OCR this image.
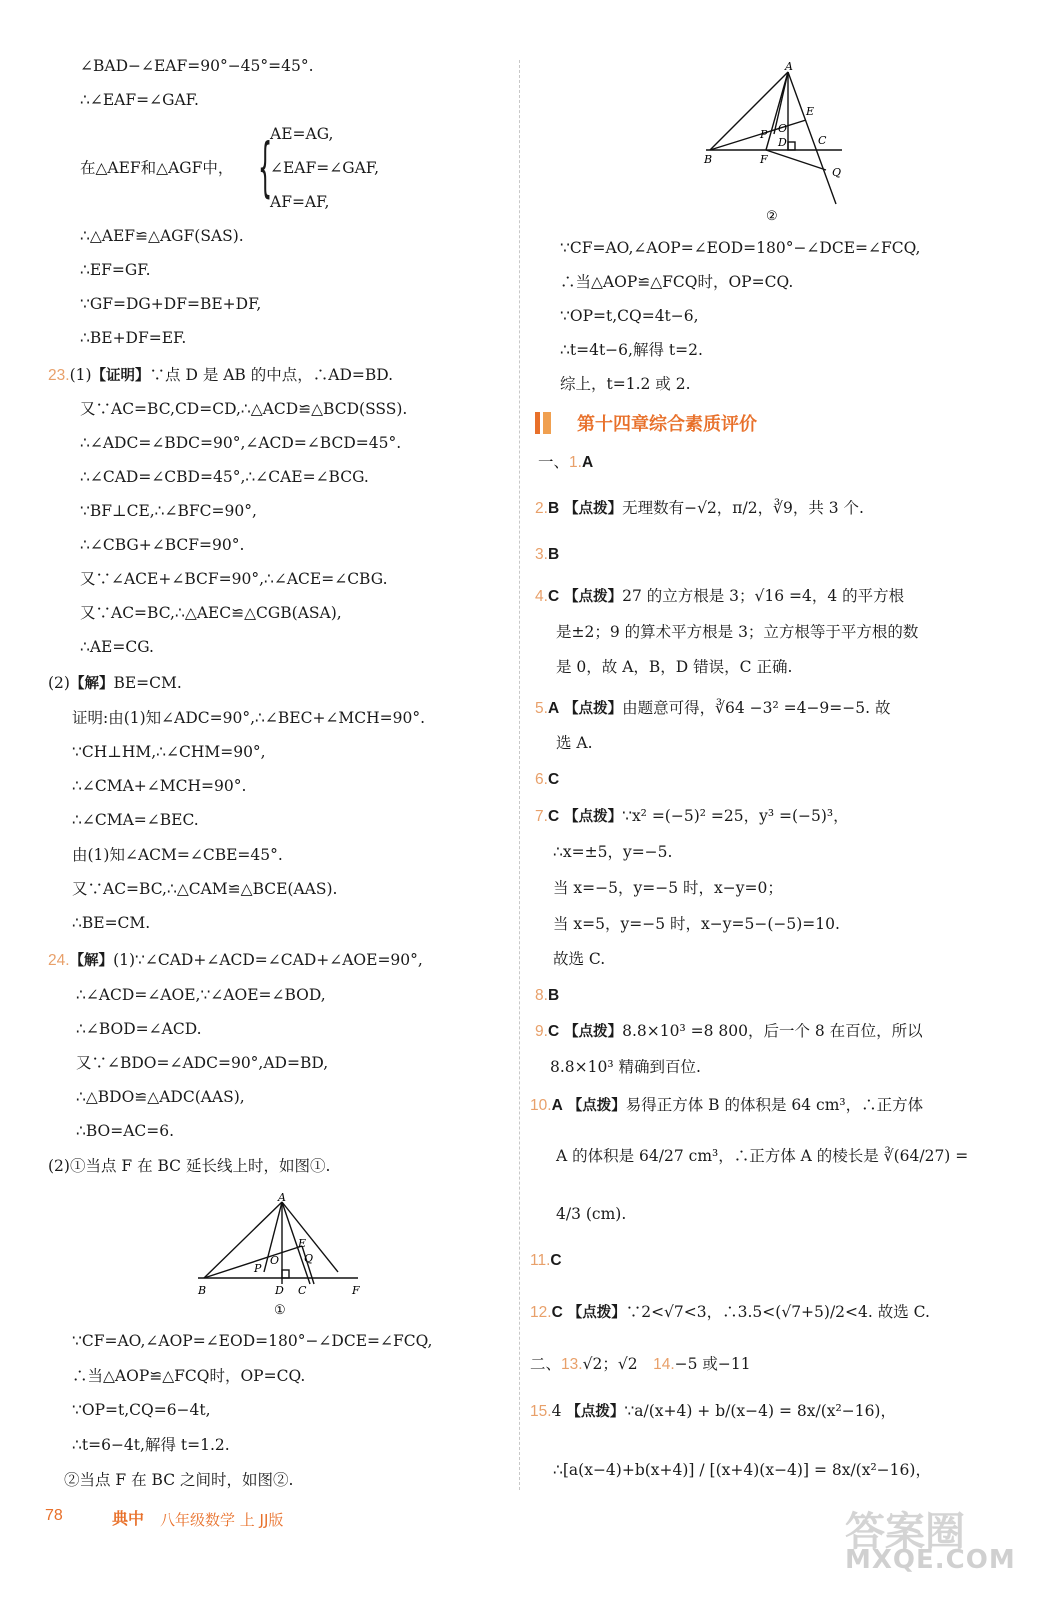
∠BAD−∠EAF=90°−45°=45°.
∴∠EAF=∠GAF.
在△AEF和△AGF中， {
AE=AG,
∠EAF=∠GAF,
AF=AF,
∴△AEF≌△AGF(SAS).
∴EF=GF.
∵GF=DG+DF=BE+DF,
∴BE+DF=EF.
23.(1)【证明】∵点 D 是 AB 的中点，∴AD=BD.
又∵AC=BC,CD=CD,∴△ACD≌△BCD(SSS).
∴∠ADC=∠BDC=90°,∠ACD=∠BCD=45°.
∴∠CAD=∠CBD=45°,∴∠CAE=∠BCG.
∵BF⊥CE,∴∠BFC=90°,
∴∠CBG+∠BCF=90°.
又∵∠ACE+∠BCF=90°,∴∠ACE=∠CBG.
又∵AC=BC,∴△AEC≌△CGB(ASA),
∴AE=CG.
(2)【解】BE=CM.
证明:由(1)知∠ADC=90°,∴∠BEC+∠MCH=90°.
∵CH⊥HM,∴∠CHM=90°,
∴∠CMA+∠MCH=90°.
∴∠CMA=∠BEC.
由(1)知∠ACM=∠CBE=45°.
又∵AC=BC,∴△CAM≌△BCE(AAS).
∴BE=CM.
24.【解】(1)∵∠CAD+∠ACD=∠CAD+∠AOE=90°,
∴∠ACD=∠AOE,∵∠AOE=∠BOD,
∴∠BOD=∠ACD.
又∵∠BDO=∠ADC=90°,AD=BD,
∴△BDO≌△ADC(AAS),
∴BO=AC=6.
(2)①当点 F 在 BC 延长线上时，如图①.
A
E
Q
O
P
B	D C	F
①
∵CF=AO,∠AOP=∠EOD=180°−∠DCE=∠FCQ,
∴当△AOP≌△FCQ时，OP=CQ.
∵OP=t,CQ=6−4t,
∴t=6−4t,解得 t=1.2.
②当点 F 在 BC 之间时，如图②.
A
E
P O
D	C
B	F
Q
②
∵CF=AO,∠AOP=∠EOD=180°−∠DCE=∠FCQ,
∴当△AOP≌△FCQ时，OP=CQ.
∵OP=t,CQ=4t−6,
∴t=4t−6,解得 t=2.
综上，t=1.2 或 2.
第十四章综合素质评价
一、1.A
2.B 【点拨】无理数有−√2，π/2，∛9，共 3 个.
3.B
4.C 【点拨】27 的立方根是 3；√16 =4，4 的平方根
是±2；9 的算术平方根是 3；立方根等于平方根的数
是 0，故 A，B，D 错误，C 正确.
5.A 【点拨】由题意可得，∛64 −3² =4−9=−5. 故
选 A.
6.C
7.C 【点拨】∵x² =(−5)² =25，y³ =(−5)³，
∴x=±5，y=−5.
当 x=−5，y=−5 时，x−y=0；
当 x=5，y=−5 时，x−y=5−(−5)=10.
故选 C.
8.B
9.C 【点拨】8.8×10³ =8 800，后一个 8 在百位，所以
8.8×10³ 精确到百位.
10.A 【点拨】易得正方体 B 的体积是 64 cm³，∴正方体
A 的体积是 64/27 cm³，∴正方体 A 的棱长是 ∛(64/27) =
4/3 (cm).
11.C
12.C 【点拨】∵2<√7<3，∴3.5<(√7+5)/2<4. 故选 C.
二、13.√2；√2　 14.−5 或−11
15.4 【点拨】∵a/(x+4) + b/(x−4) = 8x/(x²−16)，
∴[a(x−4)+b(x+4)] / [(x+4)(x−4)] = 8x/(x²−16)，
78	典中 八年级数学 上 JJ版	答案圈
MXQE.COM
